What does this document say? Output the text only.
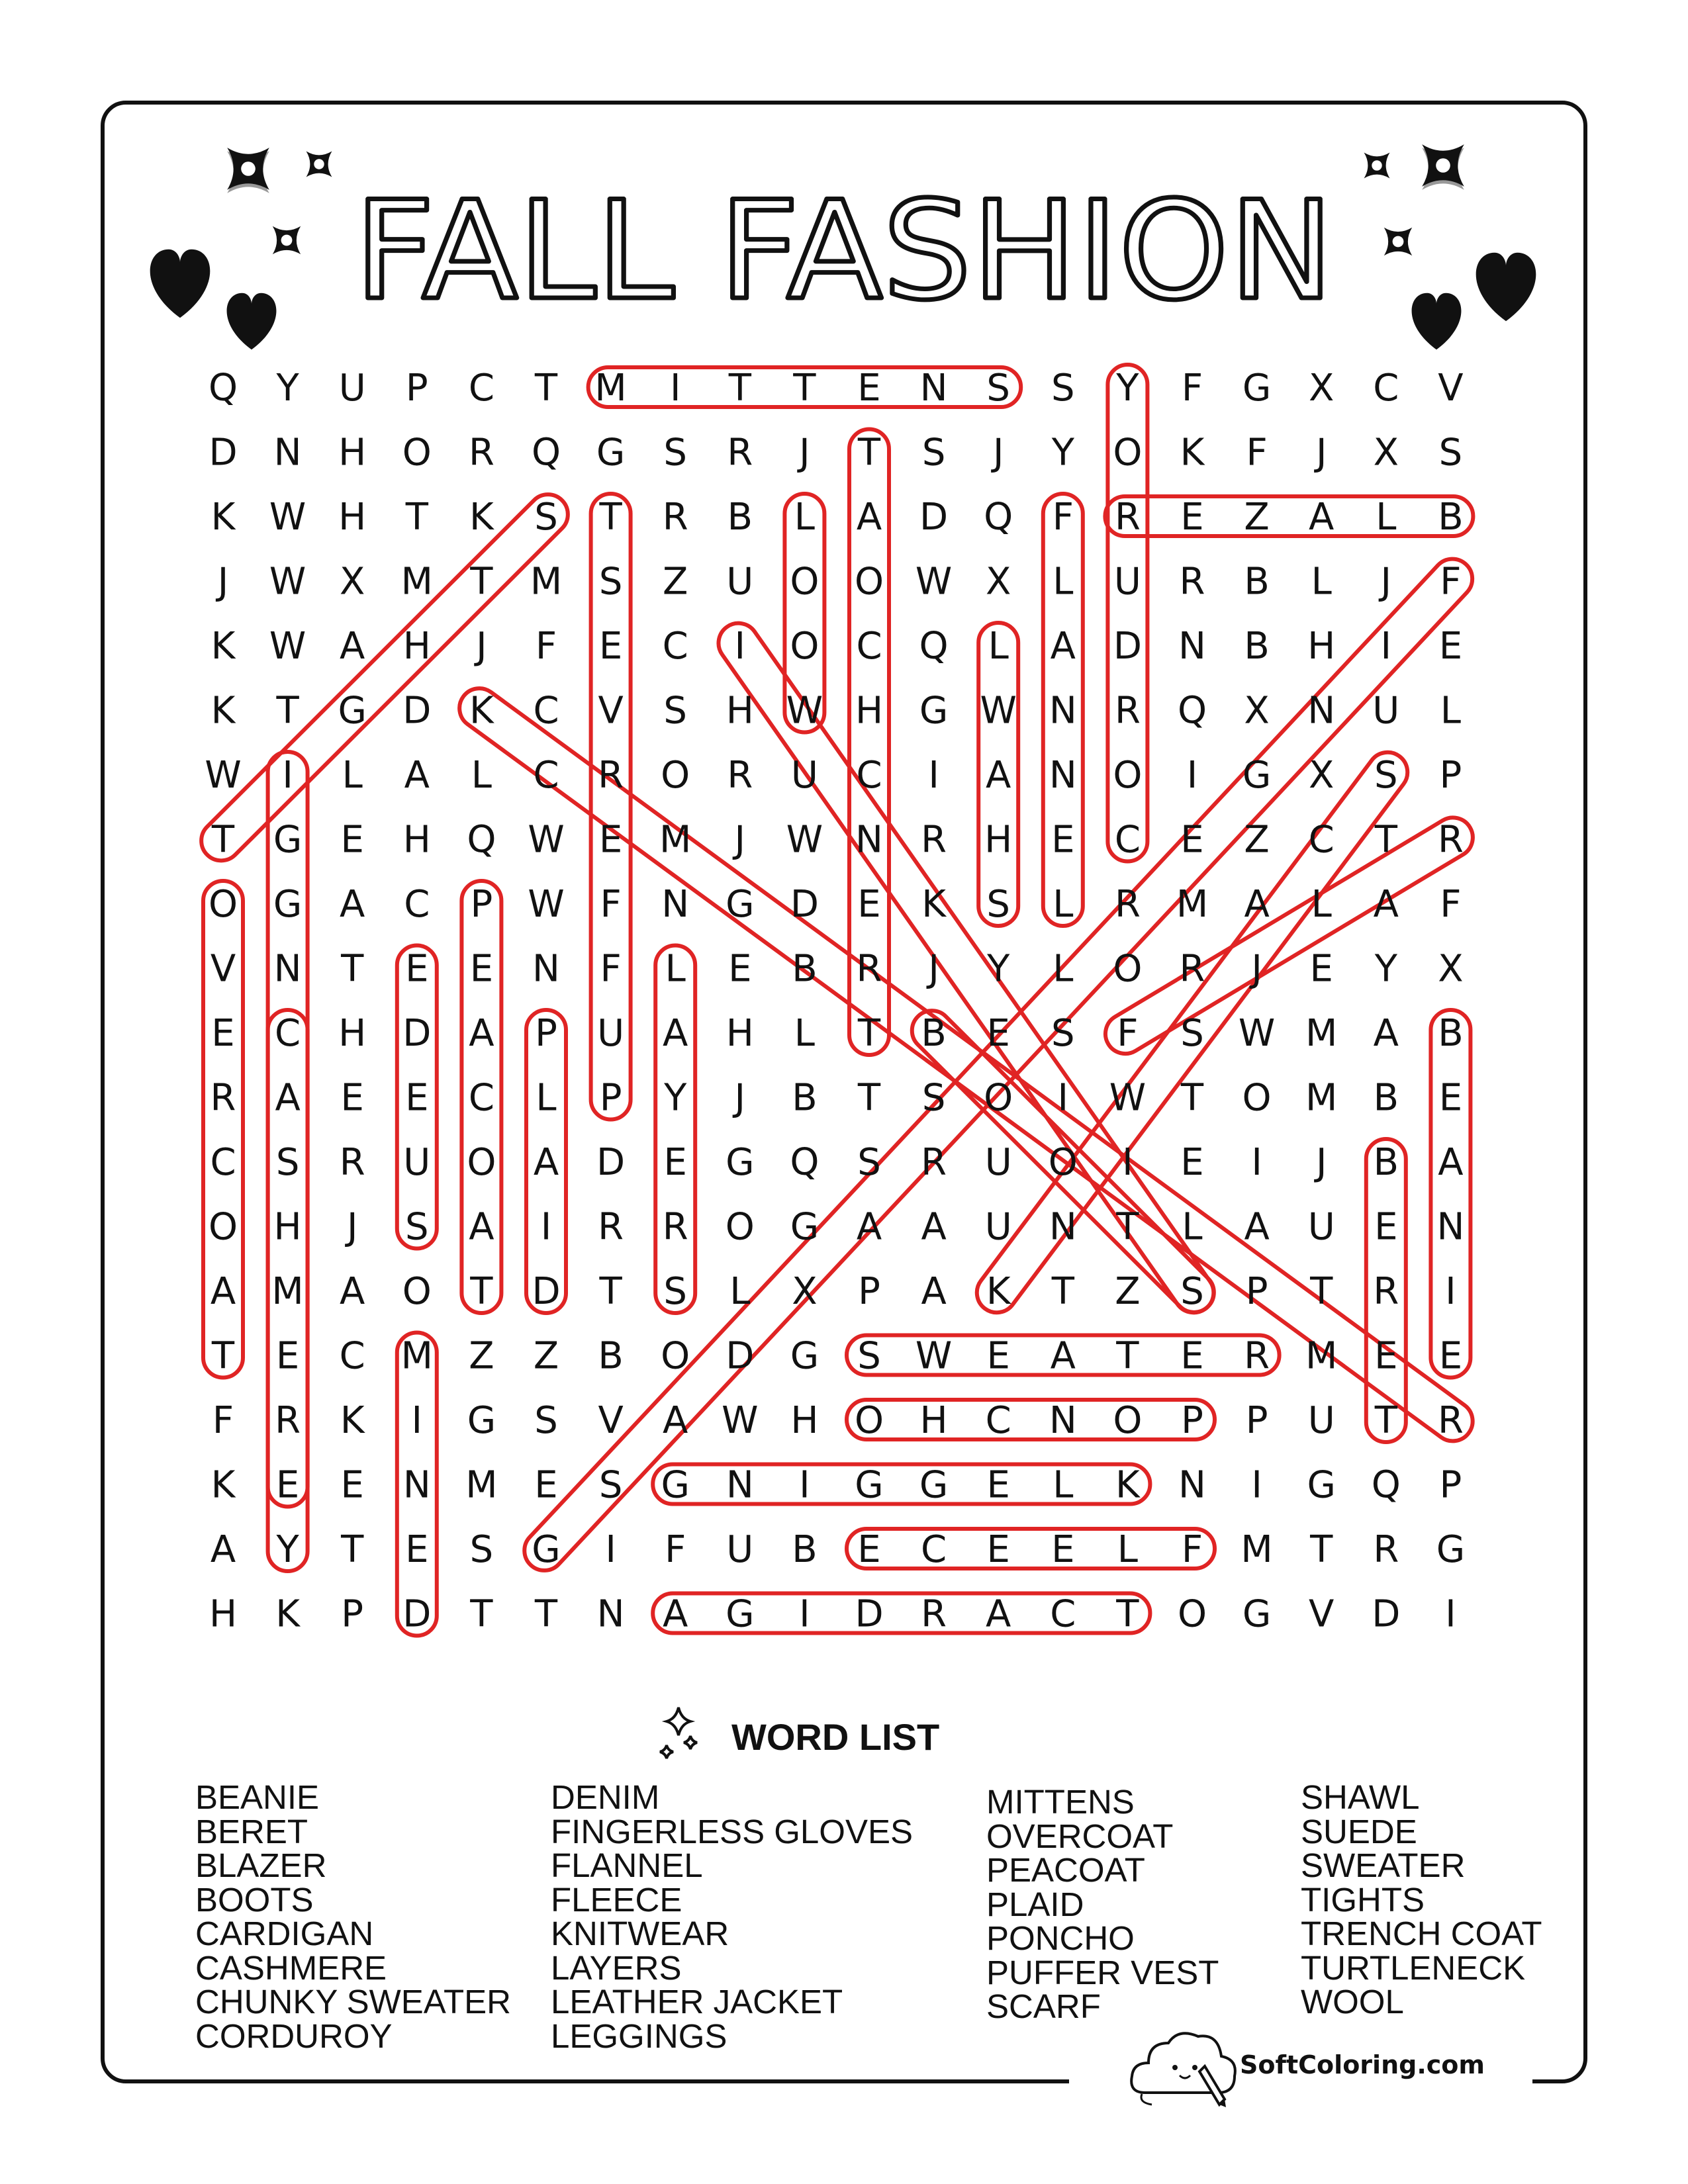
FALL FASHION
Q Y U P C T M I T T E N S S Y F G X C V
D N H O R Q G S R J T S J Y O K F J X S
K W H T K S T R B L A D Q F R E Z A L B
J W X M T M S Z U O O W X L U R B L J F
K W A H J F E C I O C Q L A D N B H I E
K T G D K C V S H W H G W N R Q X N U L
W I L A L C R O R U C I A N O I G X S P
T G E H Q W E M J W N R H E C E Z C T R
O G A C P W F N G D E K S L R M A L A F
V N T E E N F L E B R J Y L O R J E Y X
E C H D A P U A H L T B E S F S W M A B
R A E E C L P Y J B T S O I W T O M B E
C S R U O A D E G Q S R U O I E I J B A
O H J S A I R R O G A A U N T L A U E N
A M A O T D T S L X P A K T Z S P T R I
T E C M Z Z B O D G S W E A T E R M E E
F R K I G S V A W H O H C N O P P U T R
K E E N M E S G N I G G E L K N I G Q P
A Y T E S G I F U B E C E E L F M T R G
H K P D T T N A G I D R A C T O G V D I
WORD LIST
BEANIE
BERET
BLAZER
BOOTS
CARDIGAN
CASHMERE
CHUNKY SWEATER
CORDUROY
DENIM
FINGERLESS GLOVES
FLANNEL
FLEECE
KNITWEAR
LAYERS
LEATHER JACKET
LEGGINGS
MITTENS
OVERCOAT
PEACOAT
PLAID
PONCHO
PUFFER VEST
SCARF
SHAWL
SUEDE
SWEATER
TIGHTS
TRENCH COAT
TURTLENECK
WOOL
SoftColoring.com
